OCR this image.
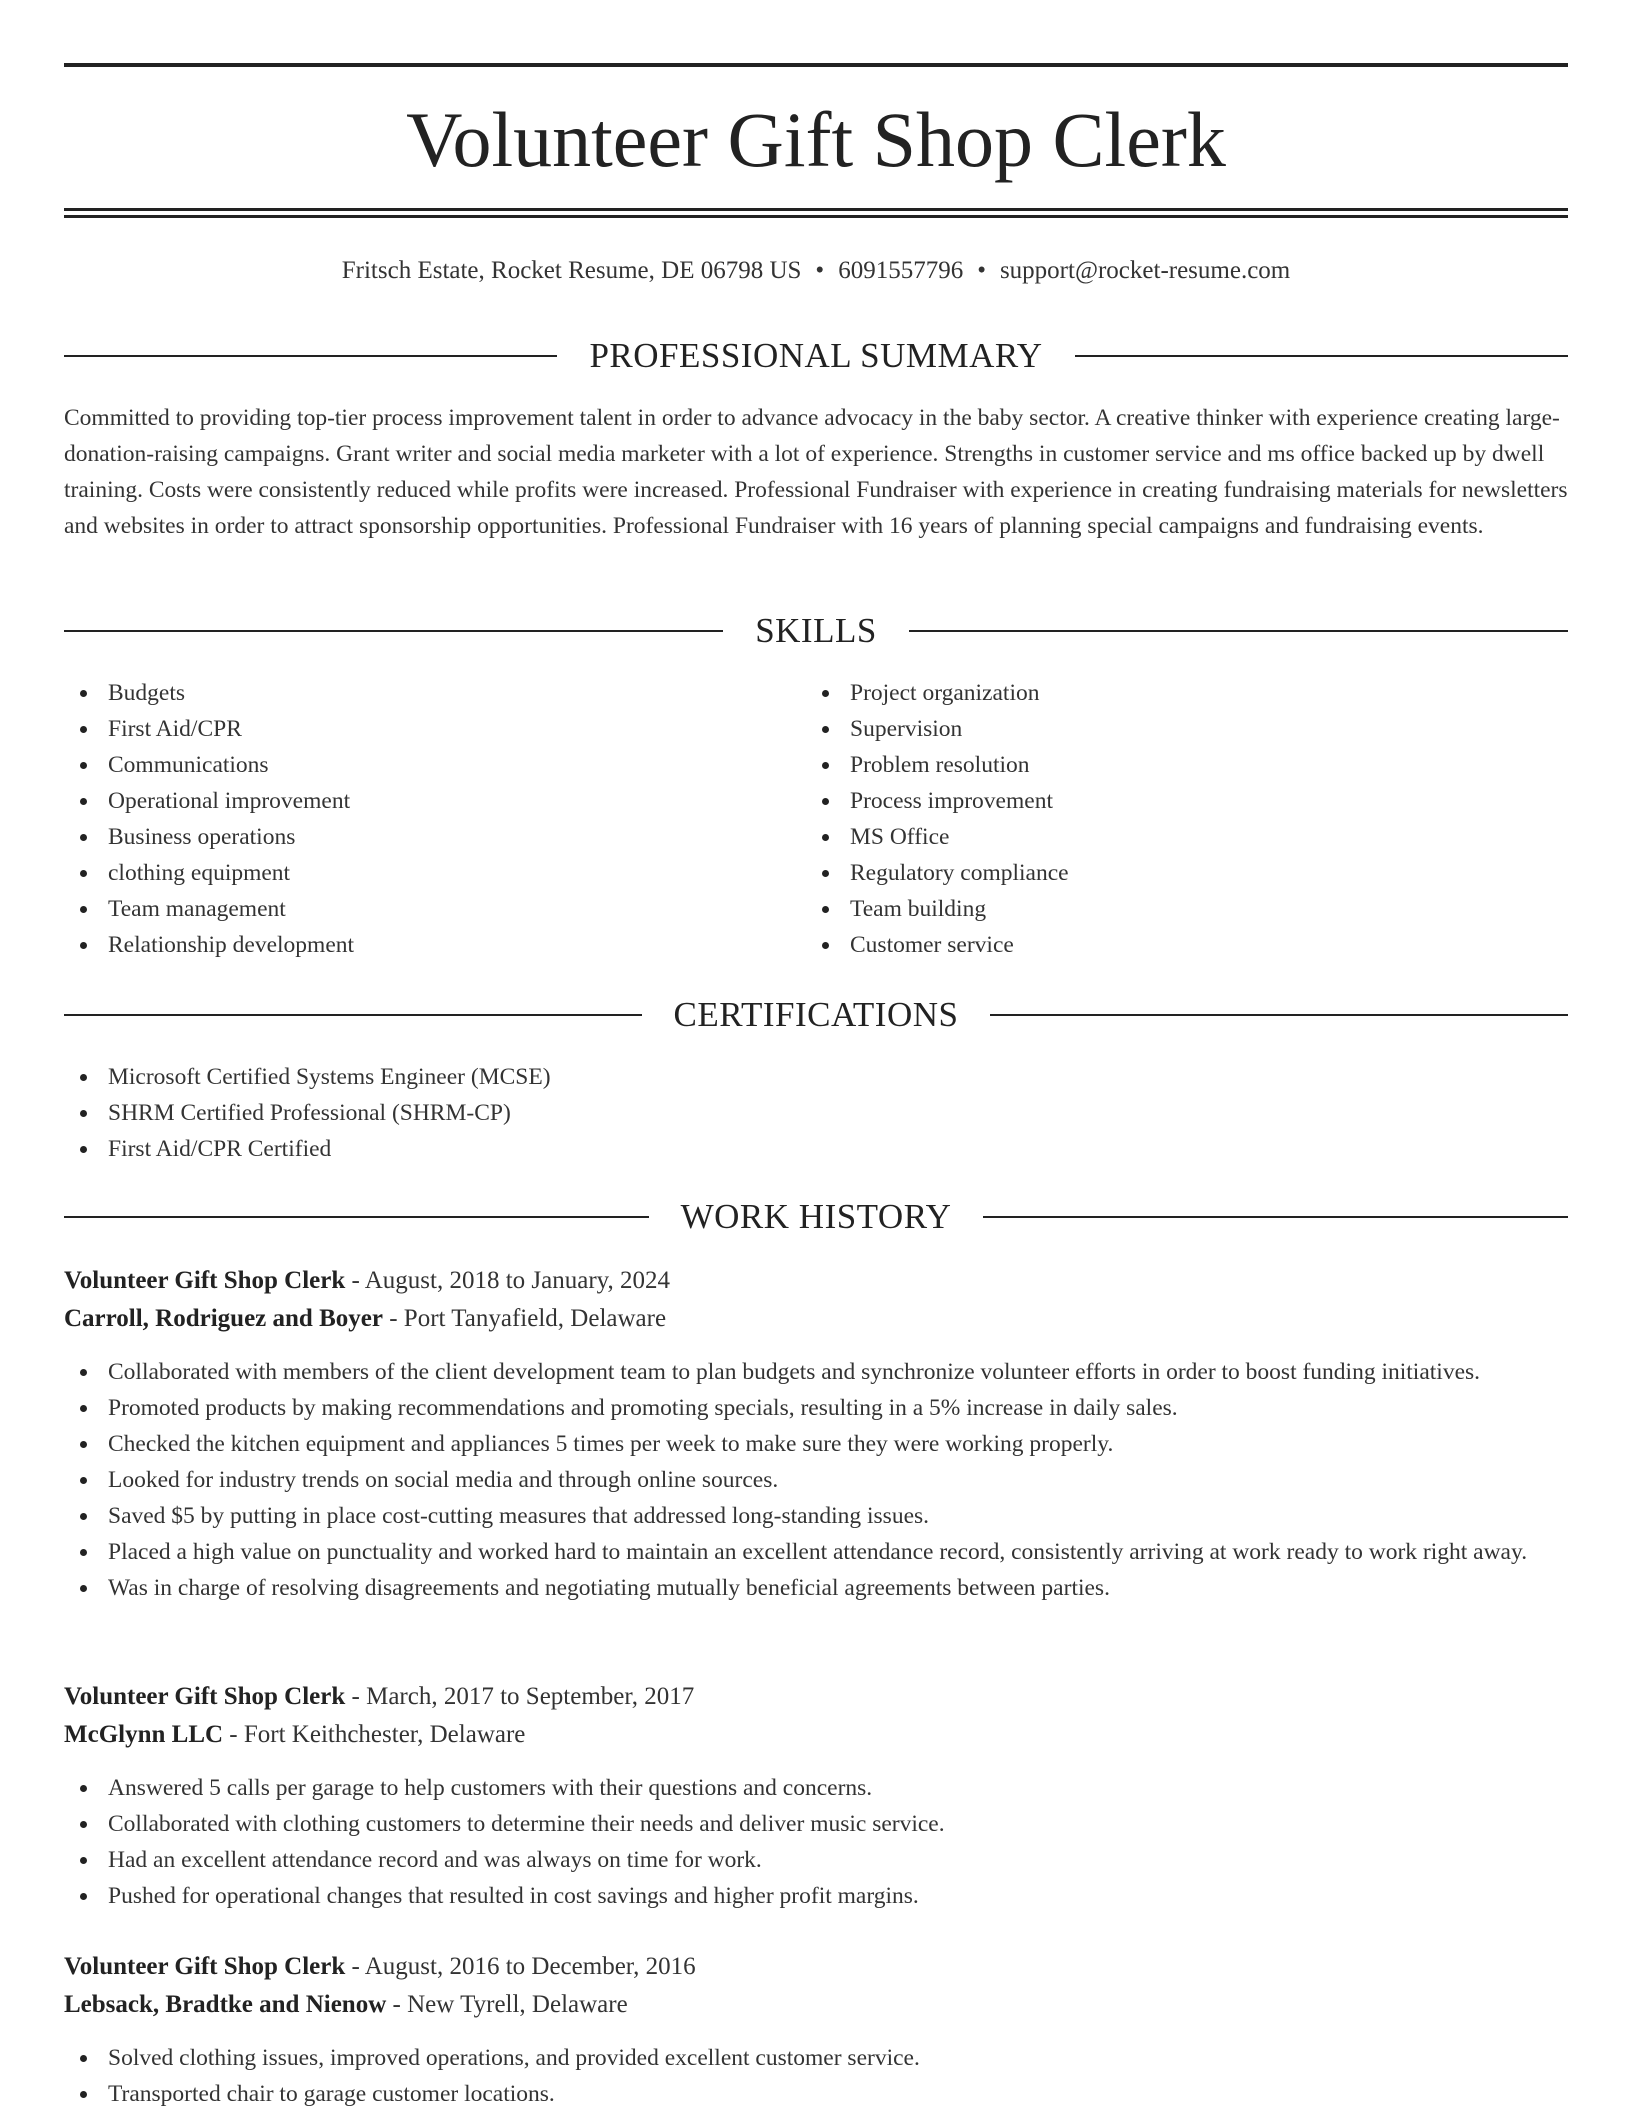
Volunteer Gift Shop Clerk
Fritsch Estate, Rocket Resume, DE 06798 US • 6091557796 • support@rocket-resume.com
PROFESSIONAL SUMMARY

Committed to providing top-tier process improvement talent in order to advance advocacy in the baby sector. A creative thinker with experience creating large-donation-raising campaigns. Grant writer and social media marketer with a lot of experience. Strengths in customer service and ms office backed up by dwell training. Costs were consistently reduced while profits were increased. Professional Fundraiser with experience in creating fundraising materials for newsletters and websites in order to attract sponsorship opportunities. Professional Fundraiser with 16 years of planning special campaigns and fundraising events.

SKILLS
Budgets
First Aid/CPR
Communications
Operational improvement
Business operations
clothing equipment
Team management
Relationship development
Project organization
Supervision
Problem resolution
Process improvement
MS Office
Regulatory compliance
Team building
Customer service
CERTIFICATIONS
Microsoft Certified Systems Engineer (MCSE)
SHRM Certified Professional (SHRM-CP)
First Aid/CPR Certified
WORK HISTORY
Volunteer Gift Shop Clerk - August, 2018 to January, 2024
Carroll, Rodriguez and Boyer - Port Tanyafield, Delaware
Collaborated with members of the client development team to plan budgets and synchronize volunteer efforts in order to boost funding initiatives.
Promoted products by making recommendations and promoting specials, resulting in a 5% increase in daily sales.
Checked the kitchen equipment and appliances 5 times per week to make sure they were working properly.
Looked for industry trends on social media and through online sources.
Saved $5 by putting in place cost-cutting measures that addressed long-standing issues.
Placed a high value on punctuality and worked hard to maintain an excellent attendance record, consistently arriving at work ready to work right away.
Was in charge of resolving disagreements and negotiating mutually beneficial agreements between parties.
Volunteer Gift Shop Clerk - March, 2017 to September, 2017
McGlynn LLC - Fort Keithchester, Delaware
Answered 5 calls per garage to help customers with their questions and concerns.
Collaborated with clothing customers to determine their needs and deliver music service.
Had an excellent attendance record and was always on time for work.
Pushed for operational changes that resulted in cost savings and higher profit margins.
Volunteer Gift Shop Clerk - August, 2016 to December, 2016
Lebsack, Bradtke and Nienow - New Tyrell, Delaware
Solved clothing issues, improved operations, and provided excellent customer service.
Transported chair to garage customer locations.
